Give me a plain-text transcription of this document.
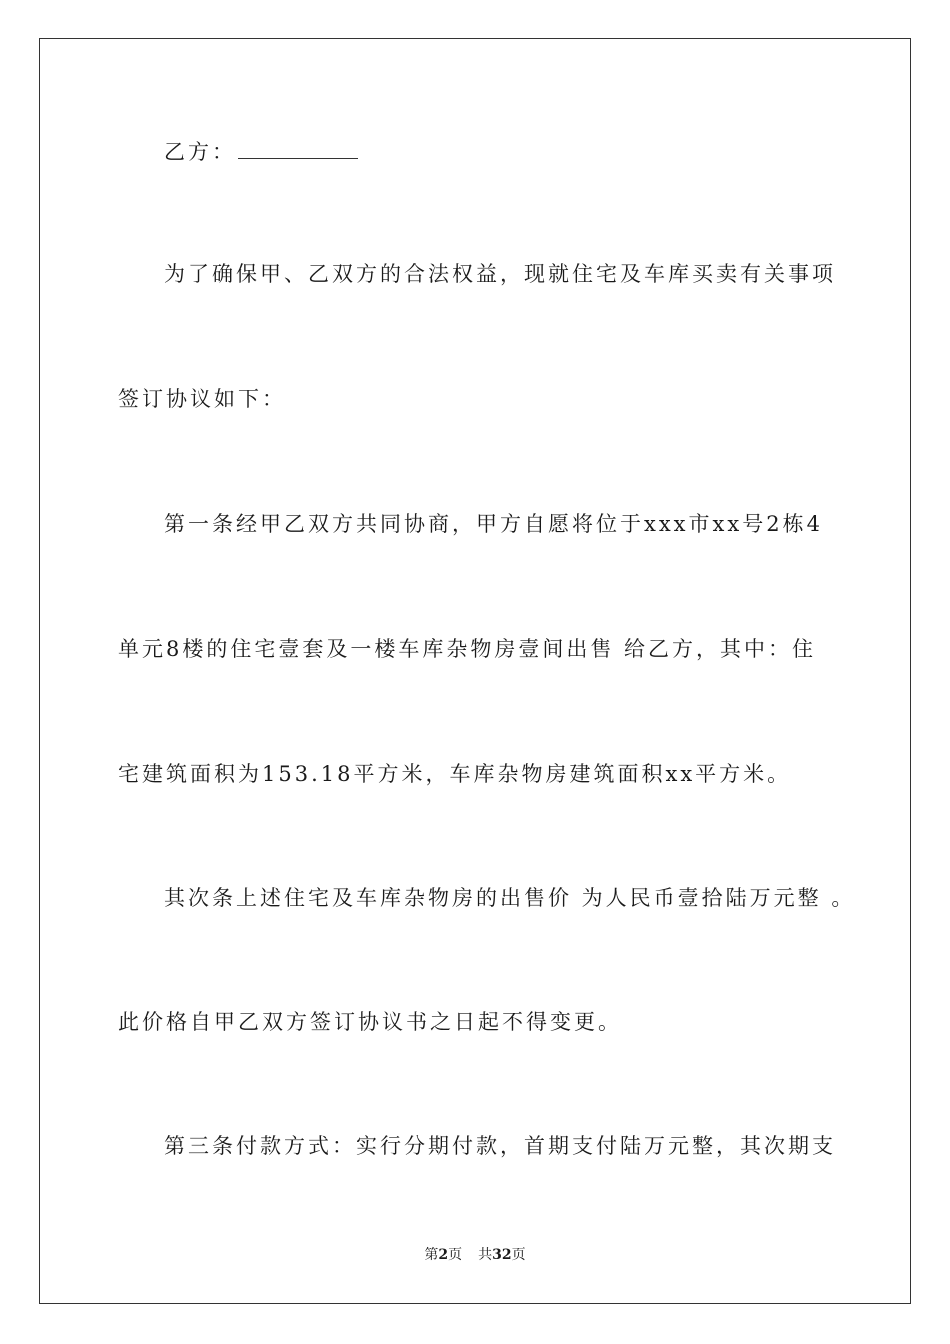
乙方：
为了确保甲、乙双方的合法权益，现就住宅及车库买卖有关事项
签订协议如下：
第一条经甲乙双方共同协商，甲方自愿将位于xxx市xx号2栋4
单元8楼的住宅壹套及一楼车库杂物房壹间出售 给乙方，其中：住
宅建筑面积为153.18平方米，车库杂物房建筑面积xx平方米。
其次条上述住宅及车库杂物房的出售价 为人民币壹拾陆万元整 。
此价格自甲乙双方签订协议书之日起不得变更。
第三条付款方式：实行分期付款，首期支付陆万元整，其次期支
第2页 共32页
